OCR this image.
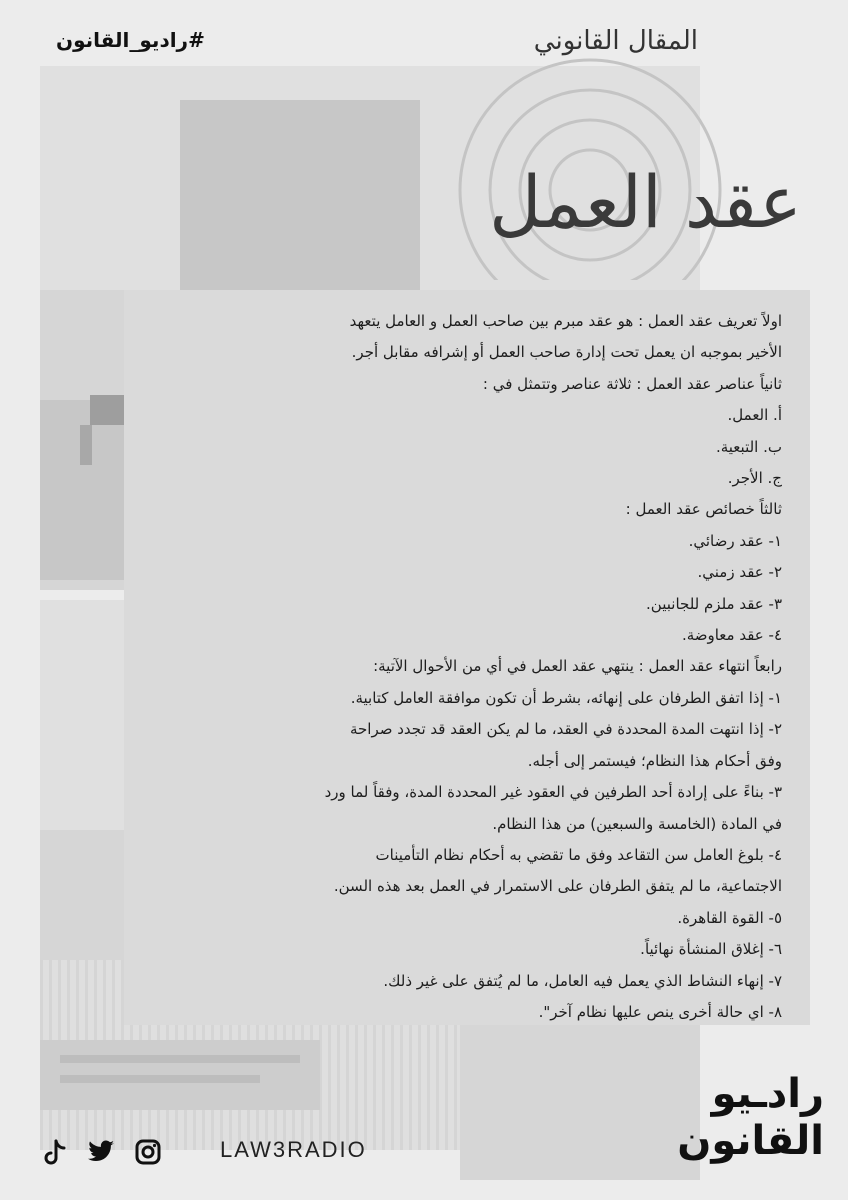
#راديو_القانون	المقال القانوني
عقد العمل
اولاً تعريف عقد العمل : هو عقد مبرم بين صاحب العمل و العامل يتعهد
الأخير بموجبه ان يعمل تحت إدارة صاحب العمل أو إشرافه مقابل أجر.
ثانياً عناصر عقد العمل : ثلاثة عناصر وتتمثل في :
أ. العمل.
ب. التبعية.
ج. الأجر.
ثالثاً خصائص عقد العمل :
١- عقد رضائي.
٢- عقد زمني.
٣- عقد ملزم للجانبين.
٤- عقد معاوضة.
رابعاً انتهاء عقد العمل : ينتهي عقد العمل في أي من الأحوال الآتية:
١- إذا اتفق الطرفان على إنهائه، بشرط أن تكون موافقة العامل كتابية.
٢- إذا انتهت المدة المحددة في العقد، ما لم يكن العقد قد تجدد صراحة
وفق أحكام هذا النظام؛ فيستمر إلى أجله.
٣- بناءً على إرادة أحد الطرفين في العقود غير المحددة المدة، وفقاً لما ورد
في المادة (الخامسة والسبعين) من هذا النظام.
٤- بلوغ العامل سن التقاعد وفق ما تقضي به أحكام نظام التأمينات
الاجتماعية، ما لم يتفق الطرفان على الاستمرار في العمل بعد هذه السن.
٥- القوة القاهرة.
٦- إغلاق المنشأة نهائياً.
٧- إنهاء النشاط الذي يعمل فيه العامل، ما لم يُتفق على غير ذلك.
٨- اي حالة أخرى ينص عليها نظام آخر".
LAW3RADIO
رادـيو
القانون
